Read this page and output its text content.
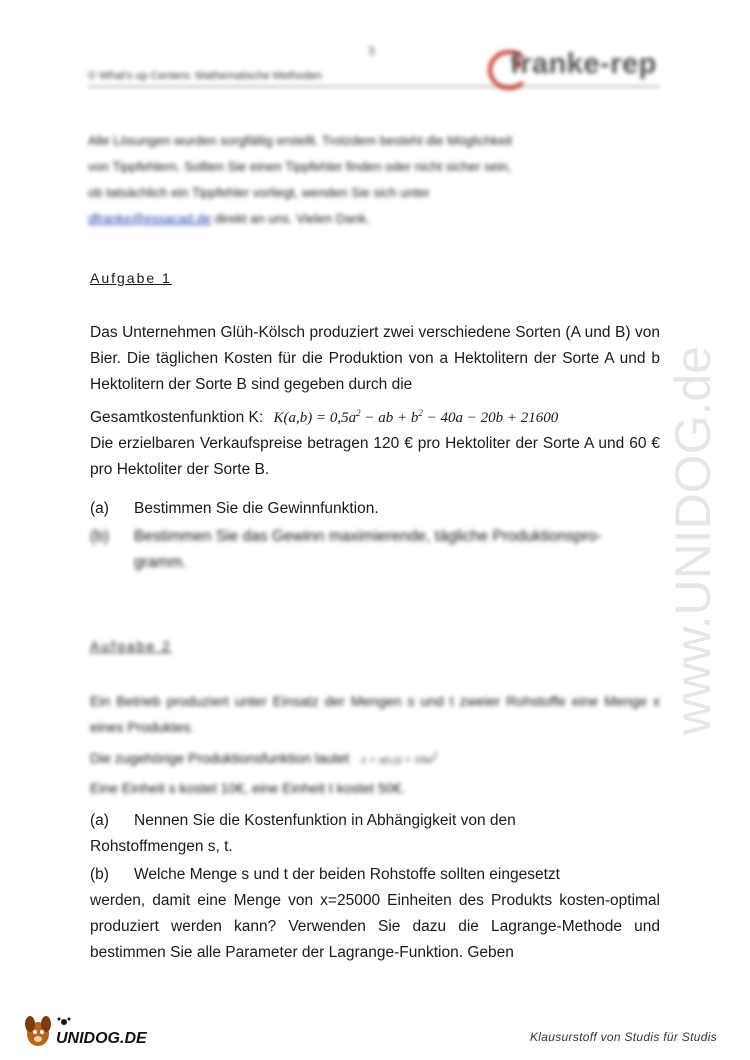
3
© What's up Centers: Mathematische Methoden	franke-rep
Alle Lösungen wurden sorgfältig erstellt. Trotzdem besteht die Möglichkeit
von Tippfehlern. Sollten Sie einen Tippfehler finden oder nicht sicher sein,
ob tatsächlich ein Tippfehler vorliegt, wenden Sie sich unter
dfranke@essacad.de direkt an uns. Vielen Dank.
Aufgabe 1
Das Unternehmen Glüh-Kölsch produziert zwei verschiedene Sorten (A und B) von Bier. Die täglichen Kosten für die Produktion von a Hektolitern der Sorte A und b Hektolitern der Sorte B sind gegeben durch die
Gesamtkostenfunktion K: $K(a,b) = 0,5a^2$ − ab + $b^2 - 40a - 20b + 21600$
Die erzielbaren Verkaufspreise betragen 120 € pro Hektoliter der Sorte A und 60 € pro Hektoliter der Sorte B.
(a) Bestimmen Sie die Gewinnfunktion.
(b) Bestimmen Sie das Gewinn maximierende, tägliche Produktionspro-
gramm.
Aufgabe 2
Ein Betrieb produziert unter Einsatz der Mengen s und t zweier Rohstoffe eine Menge x eines Produktes.
Die zugehörige Produktionsfunktion lautet $x = x(s,t) = 10st^2$
Eine Einheit s kostet 10€, eine Einheit t kostet 50€.
(a) Nennen Sie die Kostenfunktion in Abhängigkeit von den
Rohstoffmengen s, t.
(b) Welche Menge s und t der beiden Rohstoffe sollten eingesetzt
werden, damit eine Menge von x=25000 Einheiten des Produkts kosten-optimal produziert werden kann? Verwenden Sie dazu die Lagrange-Methode und bestimmen Sie alle Parameter der Lagrange-Funktion. Geben
www.UNIDOG.de
UNIDOG.DE	Klausurstoff von Studis für Studis
